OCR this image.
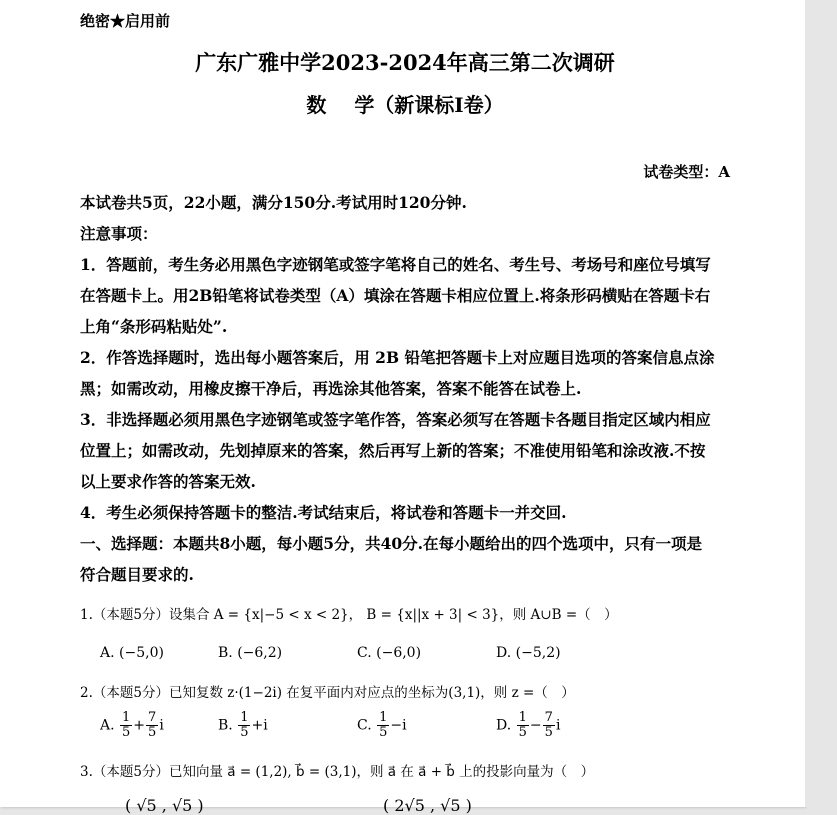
绝密★启用前
广东广雅中学2023-2024年高三第二次调研
数 学（新课标I卷）
试卷类型：A
本试卷共5页，22小题，满分150分.考试用时120分钟.
注意事项：
1．答题前，考生务必用黑色字迹钢笔或签字笔将自己的姓名、考生号、考场号和座位号填写
在答题卡上。用2B铅笔将试卷类型（A）填涂在答题卡相应位置上.将条形码横贴在答题卡右
上角“条形码粘贴处”.
2．作答选择题时，选出每小题答案后，用 2B 铅笔把答题卡上对应题目选项的答案信息点涂
黑；如需改动，用橡皮擦干净后，再选涂其他答案，答案不能答在试卷上.
3．非选择题必须用黑色字迹钢笔或签字笔作答，答案必须写在答题卡各题目指定区域内相应
位置上；如需改动，先划掉原来的答案，然后再写上新的答案；不准使用铅笔和涂改液.不按
以上要求作答的答案无效.
4．考生必须保持答题卡的整洁.考试结束后，将试卷和答题卡一并交回.
一、选择题：本题共8小题，每小题5分，共40分.在每小题给出的四个选项中，只有一项是
符合题目要求的.
1.（本题5分）设集合 A = {x|−5 < x < 2}， B = {x||x + 3| < 3}，则 A∪B =（　）
A. (−5,0)	B. (−6,2)	C. (−6,0)	D. (−5,2)
2.（本题5分）已知复数 z·(1−2i) 在复平面内对应点的坐标为(3,1)，则 z =（　）
A. $\frac{1}{5} + \frac{7}{5}$ i	B. $\frac{1}{5} +i$	C. $\frac{1}{5} -i$	D. $\frac{1}{5} - \frac{7}{5}$ i
3.（本题5分）已知向量 a⃗ = (1,2), b⃗ = (3,1)，则 a⃗ 在 a⃗ + b⃗ 上的投影向量为（　）
( √5 , √5 )	( 2√5 , √5 )
